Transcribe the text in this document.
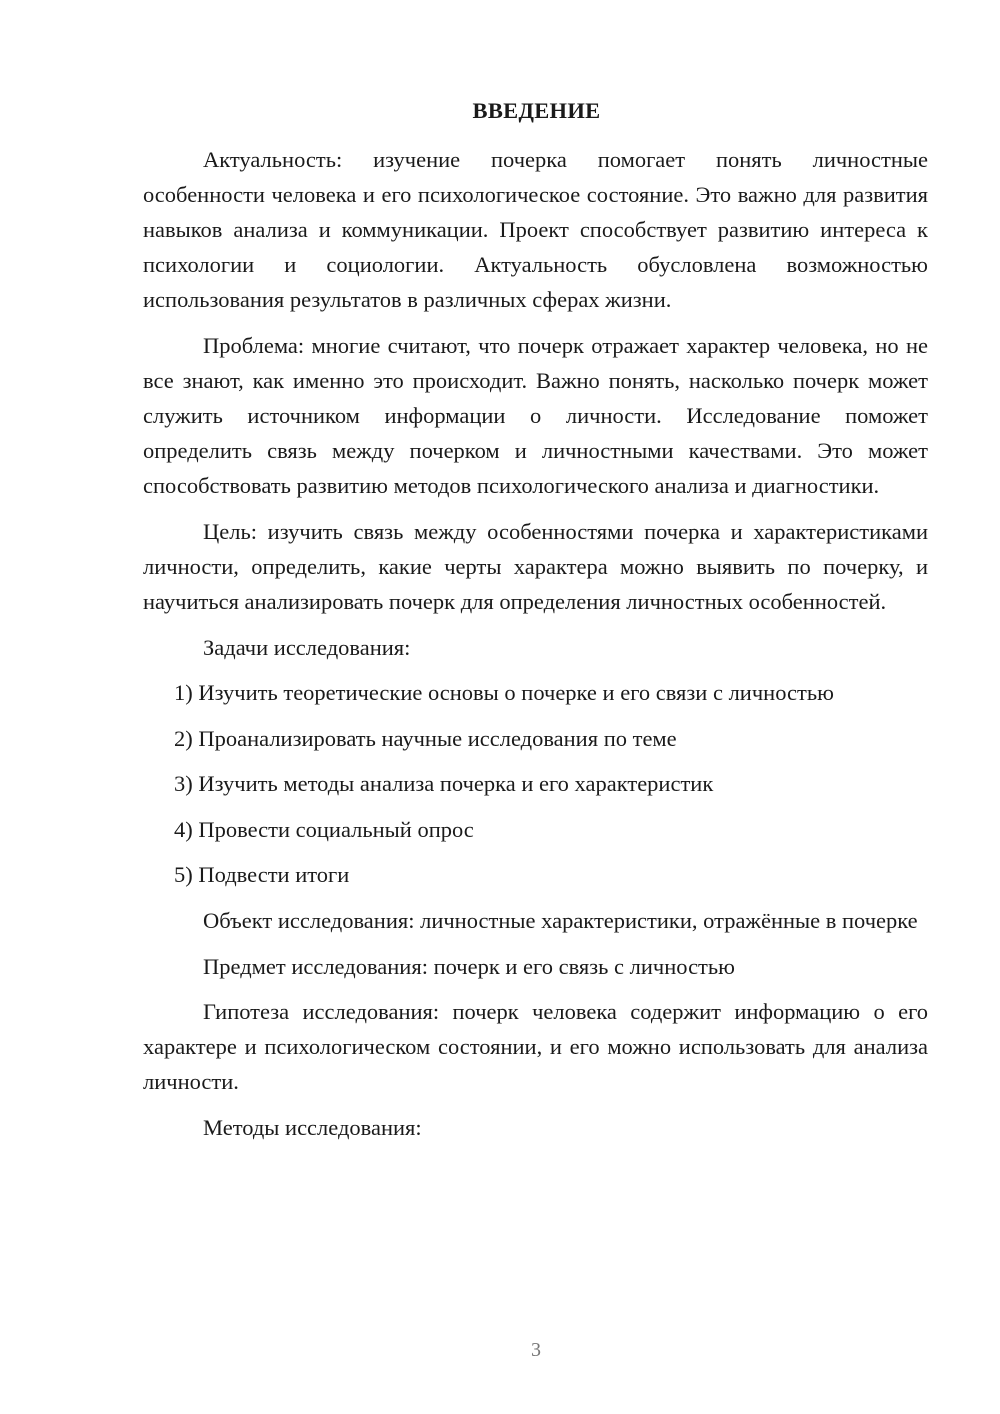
ВВЕДЕНИЕ

Актуальность: изучение почерка помогает понять личностные особенности человека и его психологическое состояние. Это важно для развития навыков анализа и коммуникации. Проект способствует развитию интереса к психологии и социологии. Актуальность обусловлена возможностью использования результатов в различных сферах жизни.

Проблема: многие считают, что почерк отражает характер человека, но не все знают, как именно это происходит. Важно понять, насколько почерк может служить источником информации о личности. Исследование поможет определить связь между почерком и личностными качествами. Это может способствовать развитию методов психологического анализа и диагностики.

Цель: изучить связь между особенностями почерка и характеристиками личности, определить, какие черты характера можно выявить по почерку, и научиться анализировать почерк для определения личностных особенностей.

Задачи исследования:

1) Изучить теоретические основы о почерке и его связи с личностью
2) Проанализировать научные исследования по теме
3) Изучить методы анализа почерка и его характеристик
4) Провести социальный опрос
5) Подвести итоги

Объект исследования: личностные характеристики, отражённые в почерке

Предмет исследования: почерк и его связь с личностью

Гипотеза исследования: почерк человека содержит информацию о его характере и психологическом состоянии, и его можно использовать для анализа личности.

Методы исследования:

3
